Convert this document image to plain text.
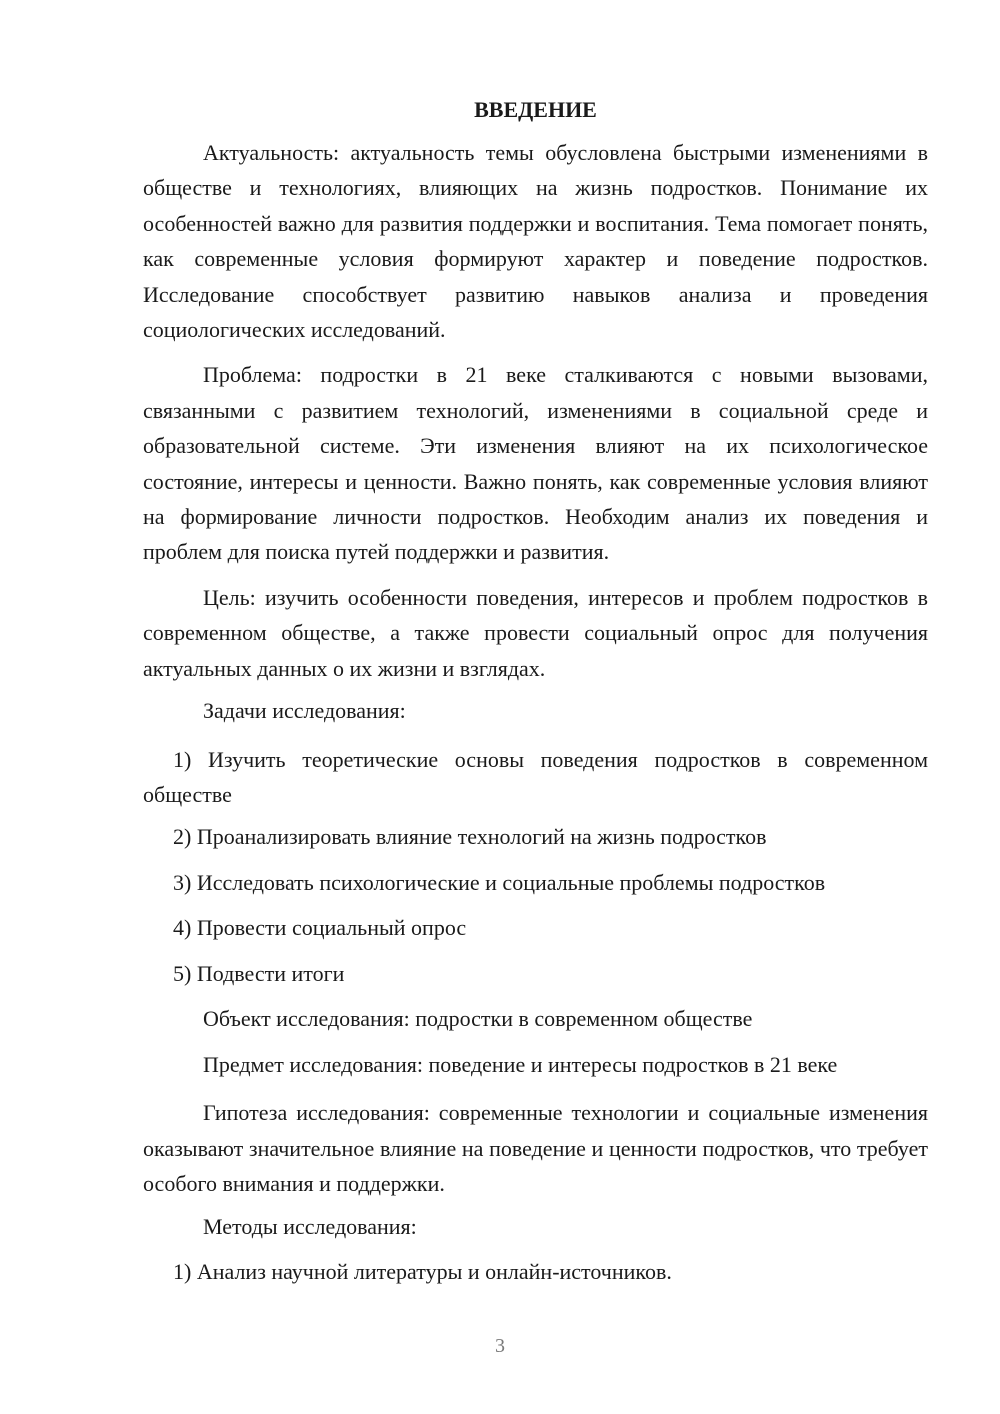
ВВЕДЕНИЕ

Актуальность: актуальность темы обусловлена быстрыми изменениями в обществе и технологиях, влияющих на жизнь подростков. Понимание их особенностей важно для развития поддержки и воспитания. Тема помогает понять, как современные условия формируют характер и поведение подростков. Исследование способствует развитию навыков анализа и проведения социологических исследований.

Проблема: подростки в 21 веке сталкиваются с новыми вызовами, связанными с развитием технологий, изменениями в социальной среде и образовательной системе. Эти изменения влияют на их психологическое состояние, интересы и ценности. Важно понять, как современные условия влияют на формирование личности подростков. Необходим анализ их поведения и проблем для поиска путей поддержки и развития.

Цель: изучить особенности поведения, интересов и проблем подростков в современном обществе, а также провести социальный опрос для получения актуальных данных о их жизни и взглядах.

Задачи исследования:

1) Изучить теоретические основы поведения подростков в современном обществе

2) Проанализировать влияние технологий на жизнь подростков
3) Исследовать психологические и социальные проблемы подростков
4) Провести социальный опрос
5) Подвести итоги
Объект исследования: подростки в современном обществе
Предмет исследования: поведение и интересы подростков в 21 веке

Гипотеза исследования: современные технологии и социальные изменения оказывают значительное влияние на поведение и ценности подростков, что требует особого внимания и поддержки.

Методы исследования:
1) Анализ научной литературы и онлайн-источников.
3
